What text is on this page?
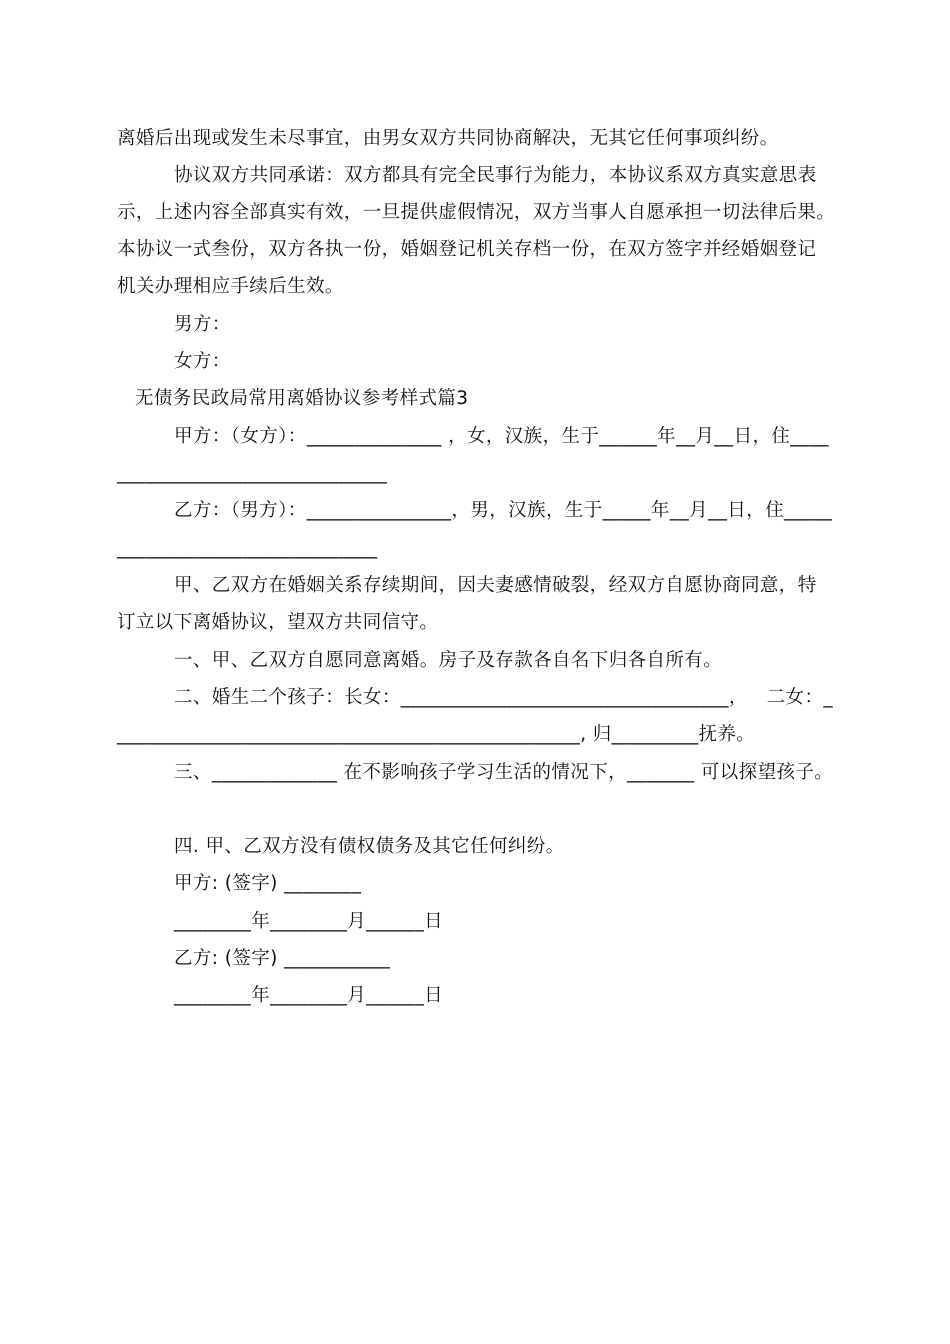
离婚后出现或发生未尽事宜，由男女双方共同协商解决，无其它任何事项纠纷。
协议双方共同承诺：双方都具有完全民事行为能力，本协议系双方真实意思表
示，上述内容全部真实有效，一旦提供虚假情况，双方当事人自愿承担一切法律后果。
本协议一式叁份，双方各执一份，婚姻登记机关存档一份，在双方签字并经婚姻登记
机关办理相应手续后生效。
男方：
女方：
无债务民政局常用离婚协议参考样式篇3
甲方：（女方）：______________ ，女，汉族，生于______年__月__日，住____
____________________________
乙方：（男方）：_______________，男，汉族，生于_____年__月__日，住_____
___________________________
甲、乙双方在婚姻关系存续期间，因夫妻感情破裂，经双方自愿协商同意，特
订立以下离婚协议，望双方共同信守。
一、甲、乙双方自愿同意离婚。房子及存款各自名下归各自所有。
二、婚生二个孩子：长女：__________________________________，   二女：_
________________________________________________, 归_________抚养。
三、_____________ 在不影响孩子学习生活的情况下，_______ 可以探望孩子。
四. 甲、乙双方没有债权债务及其它任何纠纷。
甲方: (签字) ________
________年________月______日
乙方: (签字) ___________
________年________月______日
